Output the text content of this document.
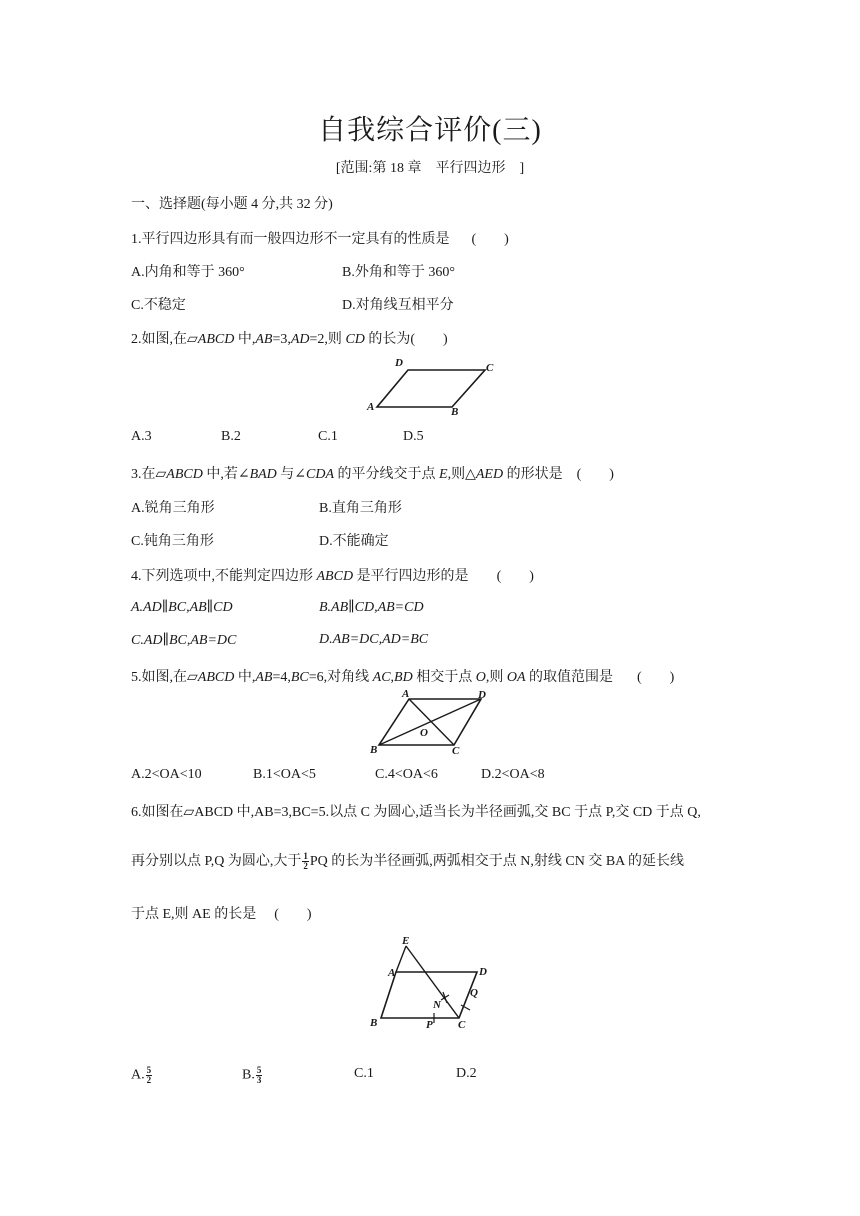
自我综合评价(三)
[范围:第 18 章　平行四边形　]
一、选择题(每小题 4 分,共 32 分)
1.平行四边形具有而一般四边形不一定具有的性质是 (　　)
A.内角和等于 360°	B.外角和等于 360°
C.不稳定	D.对角线互相平分
2.如图,在▱ABCD 中,AB=3,AD=2,则 CD 的长为(　　)
A	B
C
D
A.3	B.2	C.1	D.5
3.在▱ABCD 中,若∠BAD 与∠CDA 的平分线交于点 E,则△AED 的形状是 (　　)
A.锐角三角形	B.直角三角形
C.钝角三角形	D.不能确定
4.下列选项中,不能判定四边形 ABCD 是平行四边形的是 (　　)
A.AD∥BC,AB∥CD	B.AB∥CD,AB=CD
C.AD∥BC,AB=DC	D.AB=DC,AD=BC
5.如图,在▱ABCD 中,AB=4,BC=6,对角线 AC,BD 相交于点 O,则 OA 的取值范围是 (　　)
A	D
B	C
O
A.2<OA<10	B.1<OA<5	C.4<OA<6	D.2<OA<8
6.如图在▱ABCD 中,AB=3,BC=5.以点 C 为圆心,适当长为半径画弧,交 BC 于点 P,交 CD 于点 Q,
再分别以点 P,Q 为圆心,大于 $\frac{1}{2}$ PQ 的长为半径画弧,两弧相交于点 N,射线 CN 交 BA 的延长线
于点 E,则 AE 的长是 (　　)
E
A	D
B	C
N
Q
P
A. $\frac{5}{2}$	B. $\frac{5}{3}$	C.1	D.2
